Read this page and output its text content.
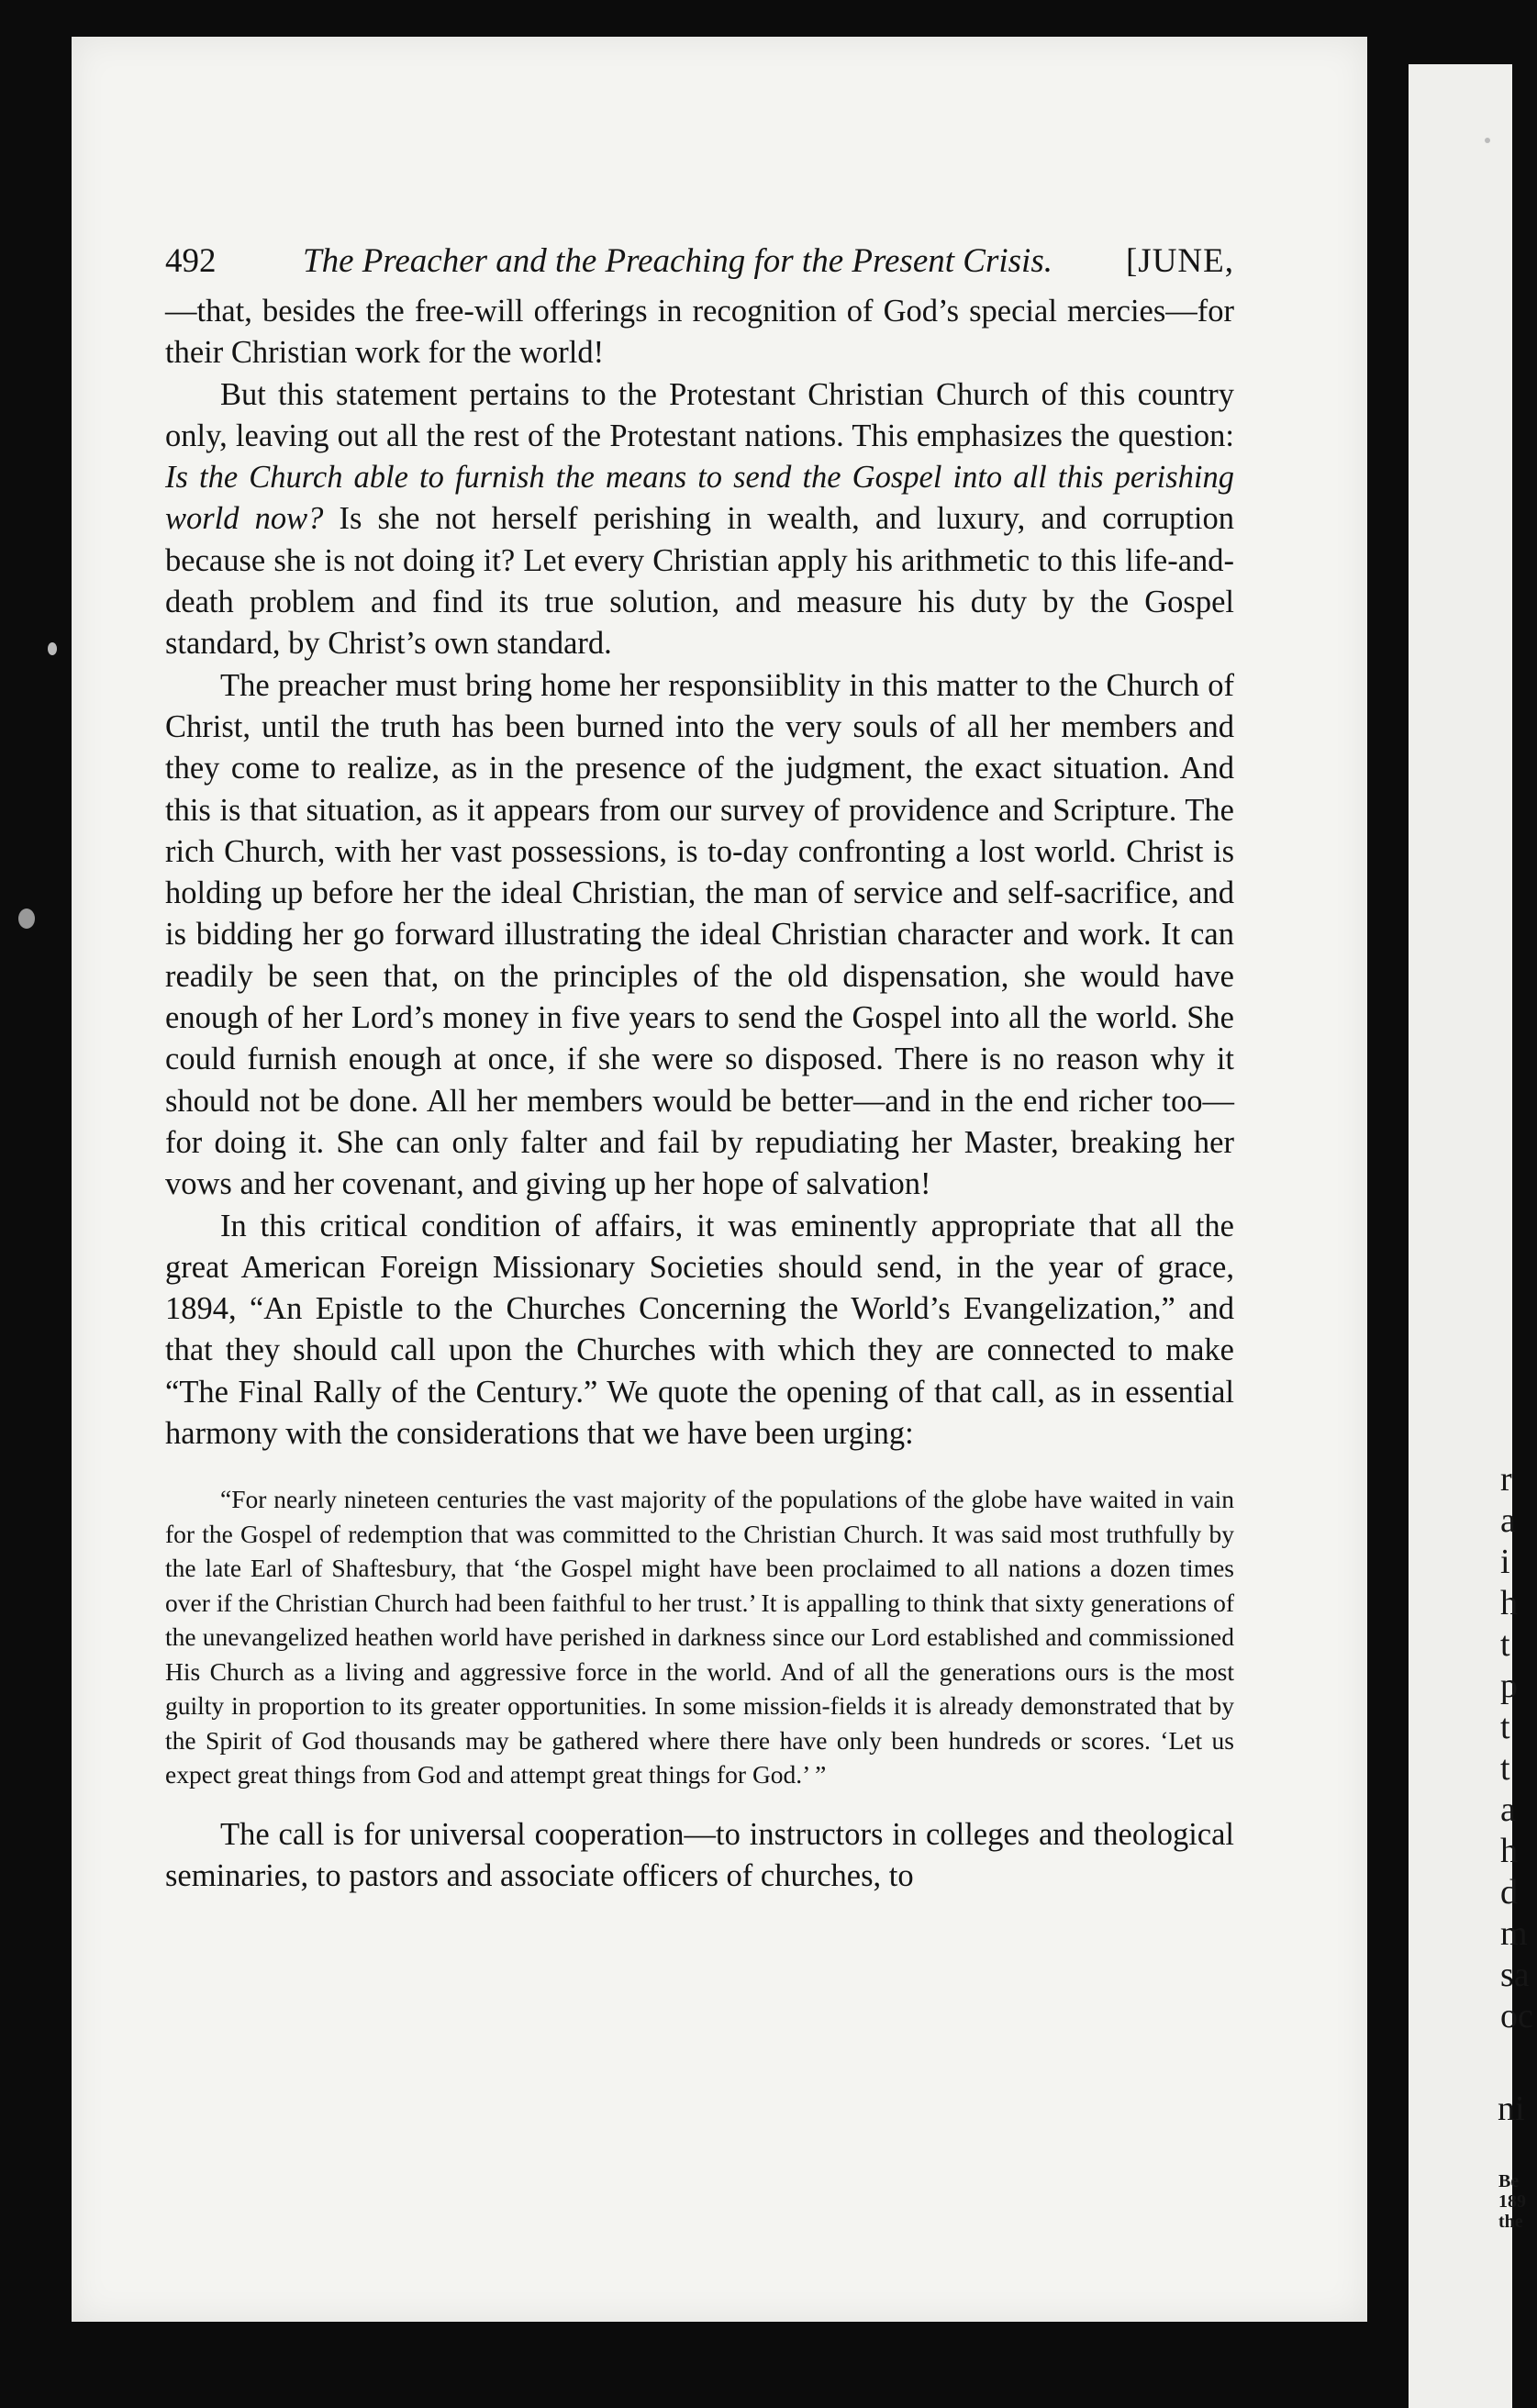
r
a
i
h
t
p
t
t
a
h
d
m
sa
oc
ni
Be
189
the
492	The Preacher and the Preaching for the Present Crisis.	[JUNE,

—that, besides the free-will offerings in recognition of God’s special mercies—for their Christian work for the world!

But this statement pertains to the Protestant Christian Church of this country only, leaving out all the rest of the Protestant nations. This emphasizes the question: Is the Church able to furnish the means to send the Gospel into all this perishing world now? Is she not herself perishing in wealth, and luxury, and corruption because she is not doing it? Let every Christian apply his arithmetic to this life-and-death problem and find its true solution, and measure his duty by the Gospel standard, by Christ’s own standard.

The preacher must bring home her responsiiblity in this matter to the Church of Christ, until the truth has been burned into the very souls of all her members and they come to realize, as in the presence of the judgment, the exact situation. And this is that situation, as it appears from our survey of providence and Scripture. The rich Church, with her vast possessions, is to-day confronting a lost world. Christ is holding up before her the ideal Christian, the man of service and self-sacrifice, and is bidding her go forward illustrating the ideal Christian character and work. It can readily be seen that, on the principles of the old dispensation, she would have enough of her Lord’s money in five years to send the Gospel into all the world. She could furnish enough at once, if she were so disposed. There is no reason why it should not be done. All her members would be better—and in the end richer too—for doing it. She can only falter and fail by repudiating her Master, breaking her vows and her covenant, and giving up her hope of salvation!

In this critical condition of affairs, it was eminently appropriate that all the great American Foreign Missionary Societies should send, in the year of grace, 1894, “An Epistle to the Churches Concerning the World’s Evangelization,” and that they should call upon the Churches with which they are connected to make “The Final Rally of the Century.” We quote the opening of that call, as in essential harmony with the considerations that we have been urging:

“For nearly nineteen centuries the vast majority of the populations of the globe have waited in vain for the Gospel of redemption that was committed to the Christian Church. It was said most truthfully by the late Earl of Shaftesbury, that ‘the Gospel might have been proclaimed to all nations a dozen times over if the Christian Church had been faithful to her trust.’ It is appalling to think that sixty generations of the unevangelized heathen world have perished in darkness since our Lord established and commissioned His Church as a living and aggressive force in the world. And of all the generations ours is the most guilty in proportion to its greater opportunities. In some mission-fields it is already demonstrated that by the Spirit of God thousands may be gathered where there have only been hundreds or scores. ‘Let us expect great things from God and attempt great things for God.’ ”
The call is for universal cooperation—to instructors in colleges and theological seminaries, to pastors and associate officers of churches, to
